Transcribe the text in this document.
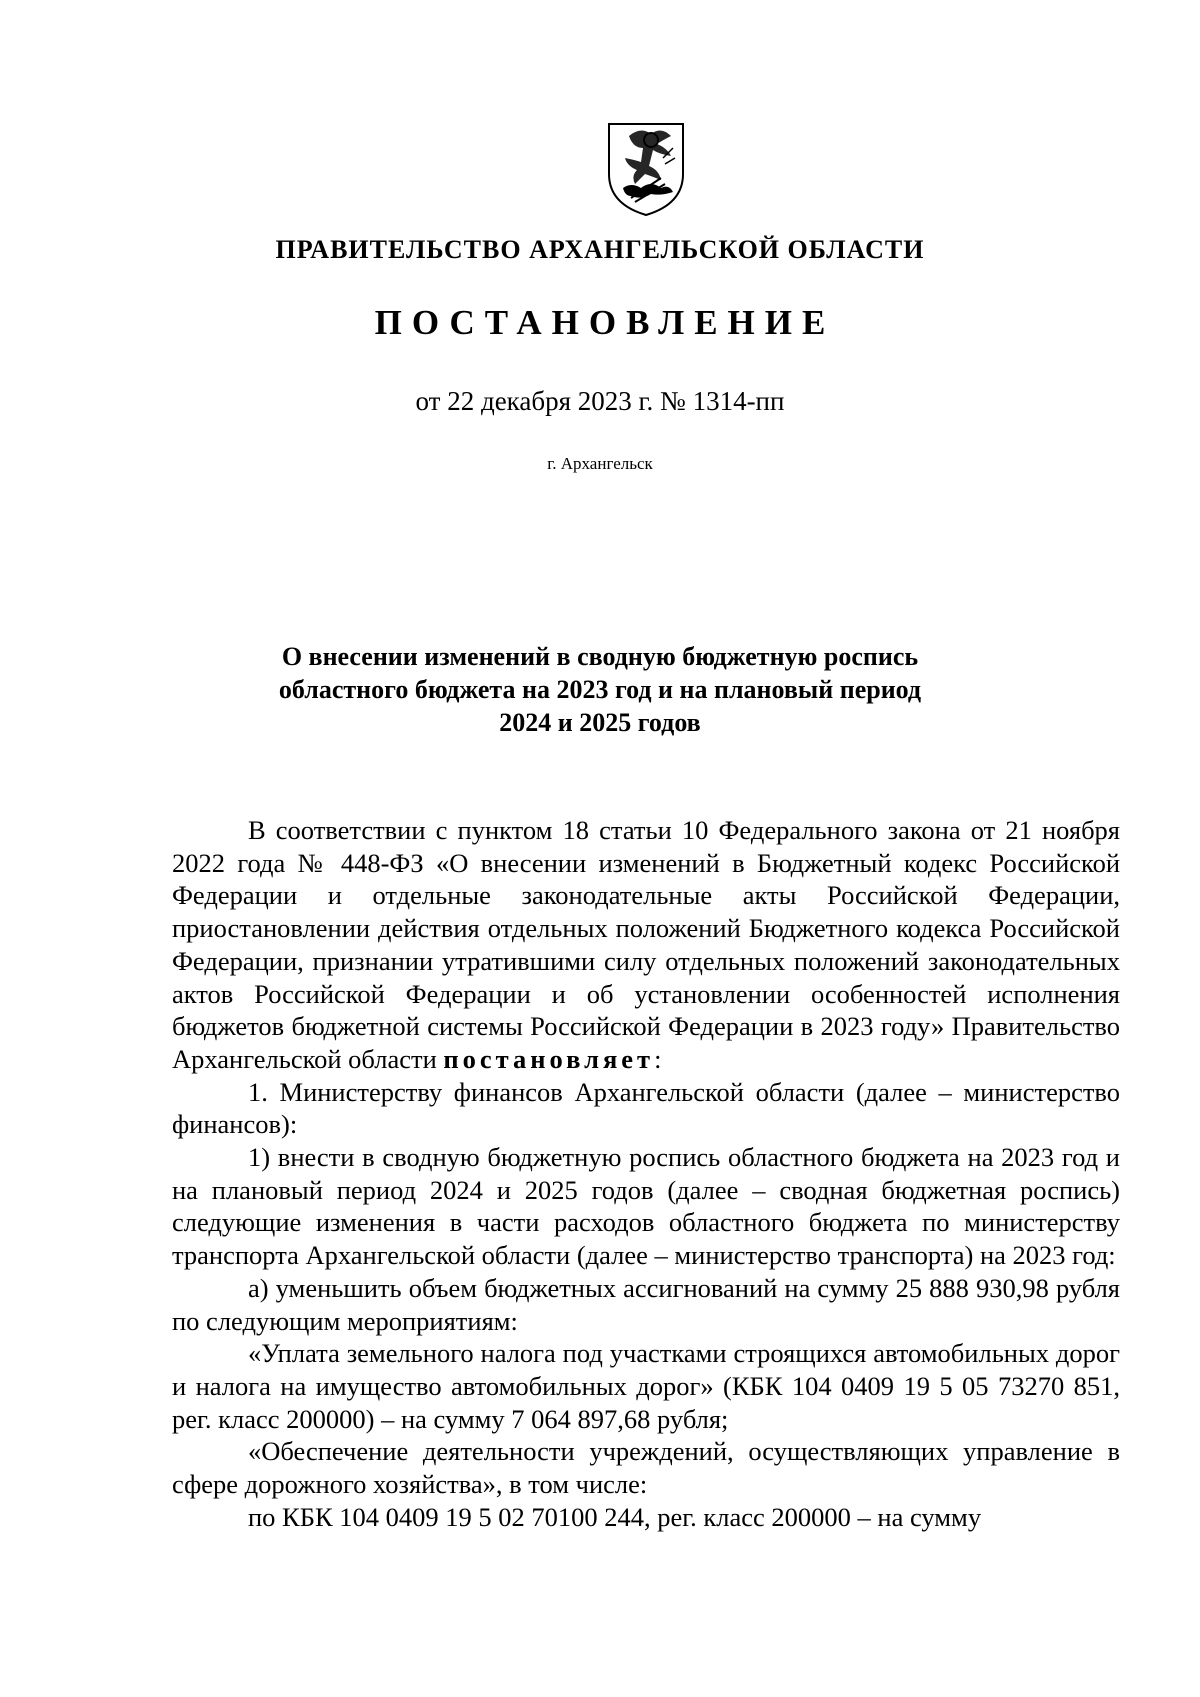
ПРАВИТЕЛЬСТВО АРХАНГЕЛЬСКОЙ ОБЛАСТИ
ПОСТАНОВЛЕНИЕ
от 22 декабря 2023 г. № 1314-пп
г. Архангельск
О внесении изменений в сводную бюджетную роспись
областного бюджета на 2023 год и на плановый период
2024 и 2025 годов

В соответствии с пунктом 18 статьи 10 Федерального закона от 21 ноября 2022 года № 448-ФЗ «О внесении изменений в Бюджетный кодекс Российской Федерации и отдельные законодательные акты Российской Федерации, приостановлении действия отдельных положений Бюджетного кодекса Российской Федерации, признании утратившими силу отдельных положений законодательных актов Российской Федерации и об установлении особенностей исполнения бюджетов бюджетной системы Российской Федерации в 2023 году» Правительство Архангельской области постановляет:

1. Министерству финансов Архангельской области (далее – министерство финансов):

1) внести в сводную бюджетную роспись областного бюджета на 2023 год и на плановый период 2024 и 2025 годов (далее – сводная бюджетная роспись) следующие изменения в части расходов областного бюджета по министерству транспорта Архангельской области (далее – министерство транспорта) на 2023 год:

а) уменьшить объем бюджетных ассигнований на сумму 25 888 930,98 рубля по следующим мероприятиям:

«Уплата земельного налога под участками строящихся автомобильных дорог и налога на имущество автомобильных дорог» (КБК 104 0409 19 5 05 73270 851, рег. класс 200000) – на сумму 7 064 897,68 рубля;

«Обеспечение деятельности учреждений, осуществляющих управление в сфере дорожного хозяйства», в том числе:

по КБК 104 0409 19 5 02 70100 244, рег. класс 200000 – на сумму
